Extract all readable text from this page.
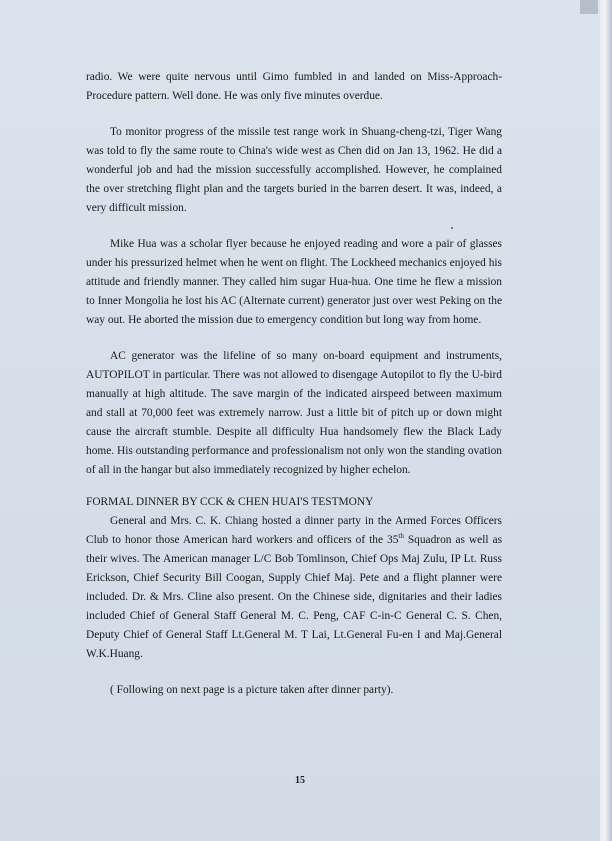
radio. We were quite nervous until Gimo fumbled in and landed on Miss-Approach-Procedure pattern. Well done. He was only five minutes overdue.

To monitor progress of the missile test range work in Shuang-cheng-tzi, Tiger Wang was told to fly the same route to China's wide west as Chen did on Jan 13, 1962. He did a wonderful job and had the mission successfully accomplished. However, he complained the over stretching flight plan and the targets buried in the barren desert. It was, indeed, a very difficult mission.

Mike Hua was a scholar flyer because he enjoyed reading and wore a pair of glasses under his pressurized helmet when he went on flight. The Lockheed mechanics enjoyed his attitude and friendly manner. They called him sugar Hua-hua. One time he flew a mission to Inner Mongolia he lost his AC (Alternate current) generator just over west Peking on the way out. He aborted the mission due to emergency condition but long way from home.

AC generator was the lifeline of so many on-board equipment and instruments, AUTOPILOT in particular. There was not allowed to disengage Autopilot to fly the U-bird manually at high altitude. The save margin of the indicated airspeed between maximum and stall at 70,000 feet was extremely narrow. Just a little bit of pitch up or down might cause the aircraft stumble. Despite all difficulty Hua handsomely flew the Black Lady home. His outstanding performance and professionalism not only won the standing ovation of all in the hangar but also immediately recognized by higher echelon.

FORMAL DINNER BY CCK & CHEN HUAI'S TESTMONY

General and Mrs. C. K. Chiang hosted a dinner party in the Armed Forces Officers Club to honor those American hard workers and officers of the 35th Squadron as well as their wives. The American manager L/C Bob Tomlinson, Chief Ops Maj Zulu, IP Lt. Russ Erickson, Chief Security Bill Coogan, Supply Chief Maj. Pete and a flight planner were included. Dr. & Mrs. Cline also present. On the Chinese side, dignitaries and their ladies included Chief of General Staff General M. C. Peng, CAF C-in-C General C. S. Chen, Deputy Chief of General Staff Lt.General M. T Lai, Lt.General Fu-en I and Maj.General W.K.Huang.

( Following on next page is a picture taken after dinner party).

15
